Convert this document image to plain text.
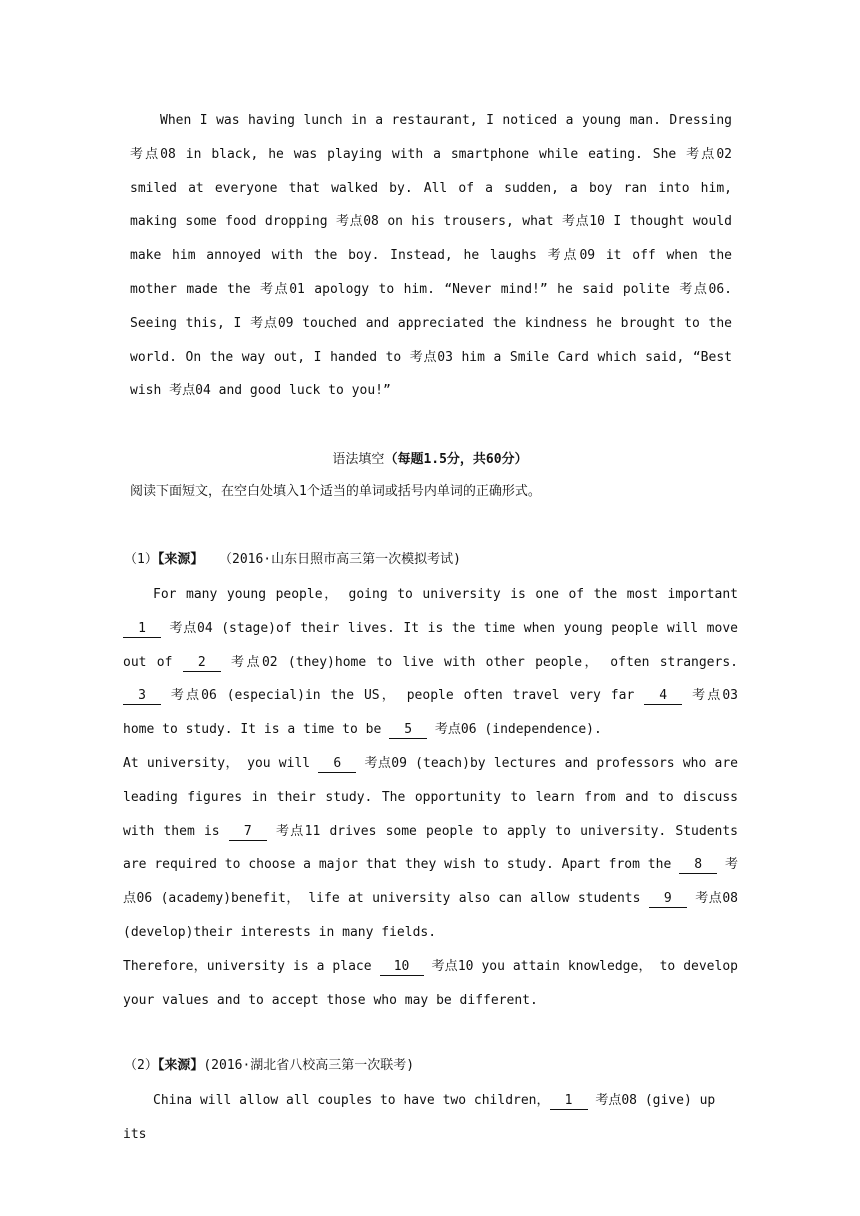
When I was having lunch in a restaurant, I noticed a young man. Dressing 考点08 in black, he was playing with a smartphone while eating. She 考点02 smiled at everyone that walked by. All of a sudden, a boy ran into him, making some food dropping 考点08 on his trousers, what 考点10 I thought would make him annoyed with the boy. Instead, he laughs 考点09 it off when the mother made the 考点01 apology to him. “Never mind!” he said polite 考点06. Seeing this, I 考点09 touched and appreciated the kindness he brought to the world. On the way out, I handed to 考点03 him a Smile Card which said, “Best wish 考点04 and good luck to you!”
语法填空（每题1.5分，共60分）
阅读下面短文，在空白处填入1个适当的单词或括号内单词的正确形式。
（1）【来源】 （2016·山东日照市高三第一次模拟考试)
For many young people， going to university is one of the most important 1 考点04 (stage)of their lives. It is the time when young people will move out of 2 考点02 (they)home to live with other people， often strangers.3 考点06 (especial)in the US， people often travel very far 4 考点03 home to study. It is a time to be 5 考点06 (independence).
At university， you will 6 考点09 (teach)by lectures and professors who are leading figures in their study. The opportunity to learn from and to discuss with them is 7 考点11 drives some people to apply to university. Students are required to choose a major that they wish to study. Apart from the 8 考点06 (academy)benefit， life at university also can allow students 9 考点08 (develop)their interests in many fields.
Therefore，university is a place 10 考点10 you attain knowledge， to develop your values and to accept those who may be different.
（2）【来源】(2016·湖北省八校高三第一次联考)
China will allow all couples to have two children， 1 考点08 (give) up its
